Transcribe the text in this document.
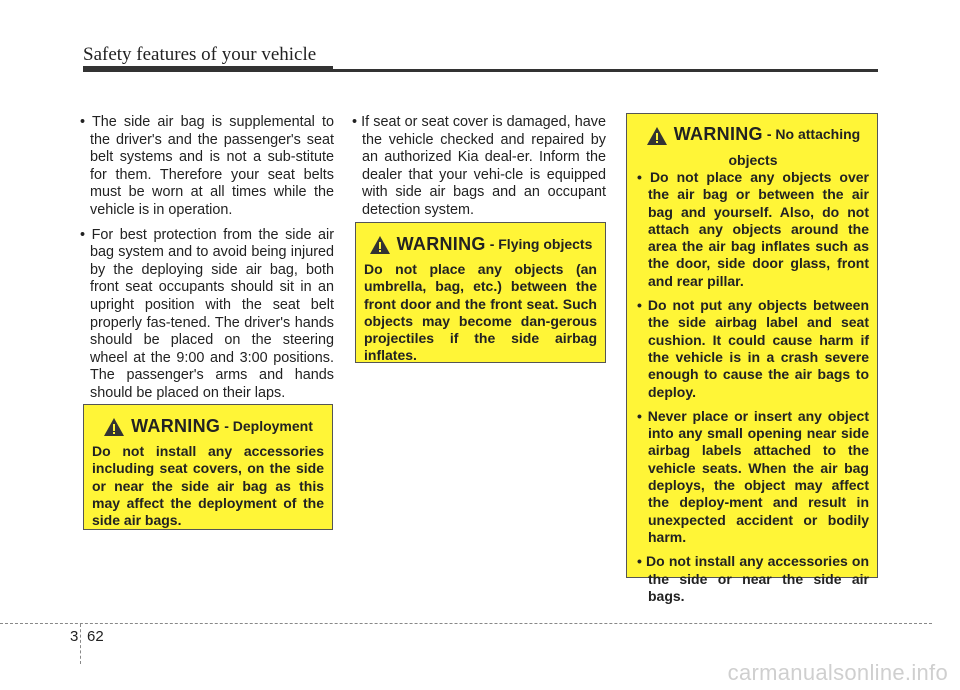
Safety features of your vehicle
• The side air bag is supplemental to the driver's and the passenger's seat belt systems and is not a sub-stitute for them. Therefore your seat belts must be worn at all times while the vehicle is in operation.
• For best protection from the side air bag system and to avoid being injured by the deploying side air bag, both front seat occupants should sit in an upright position with the seat belt properly fas-tened. The driver's hands should be placed on the steering wheel at the 9:00 and 3:00 positions. The passenger's arms and hands should be placed on their laps.
• If seat or seat cover is damaged, have the vehicle checked and repaired by an authorized Kia deal-er. Inform the dealer that your vehi-cle is equipped with side air bags and an occupant detection system.
WARNING - Deployment
Do not install any accessories including seat covers, on the side or near the side air bag as this may affect the deployment of the side air bags.
WARNING - Flying objects
Do not place any objects (an umbrella, bag, etc.) between the front door and the front seat. Such objects may become dan-gerous projectiles if the side airbag inflates.
WARNING - No attaching
objects
• Do not place any objects over the air bag or between the air bag and yourself. Also, do not attach any objects around the area the air bag inflates such as the door, side door glass, front and rear pillar.
• Do not put any objects between the side airbag label and seat cushion. It could cause harm if the vehicle is in a crash severe enough to cause the air bags to deploy.
• Never place or insert any object into any small opening near side airbag labels attached to the vehicle seats. When the air bag deploys, the object may affect the deploy-ment and result in unexpected accident or bodily harm.
• Do not install any accessories on the side or near the side air bags.
3 62
carmanualsonline.info
